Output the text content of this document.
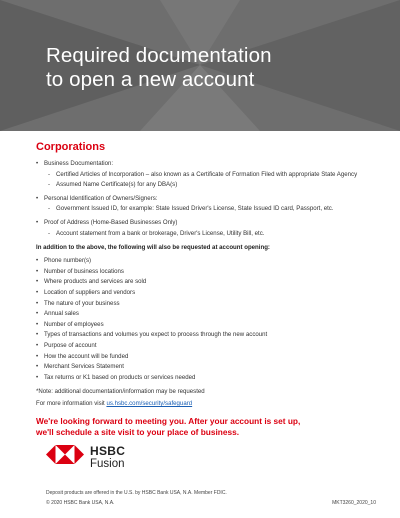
Required documentation
to open a new account
Corporations
• Business Documentation:
- Certified Articles of Incorporation – also known as a Certificate of Formation Filed with appropriate State Agency
- Assumed Name Certificate(s) for any DBA(s)
• Personal Identification of Owners/Signers:
- Government Issued ID, for example: State Issued Driver's License, State Issued ID card, Passport, etc.
• Proof of Address (Home-Based Businesses Only)
- Account statement from a bank or brokerage, Driver's License, Utility Bill, etc.
In addition to the above, the following will also be requested at account opening:
• Phone number(s)
• Number of business locations
• Where products and services are sold
• Location of suppliers and vendors
• The nature of your business
• Annual sales
• Number of employees
• Types of transactions and volumes you expect to process through the new account
• Purpose of account
• How the account will be funded
• Merchant Services Statement
• Tax returns or K1 based on products or services needed
*Note: additional documentation/information may be requested
For more information visit us.hsbc.com/security/safeguard
We're looking forward to meeting you. After your account is set up,
we'll schedule a site visit to your place of business.
HSBC
Fusion
Deposit products are offered in the U.S. by HSBC Bank USA, N.A. Member FDIC.
© 2020 HSBC Bank USA, N.A.	MKT3260_2020_10
